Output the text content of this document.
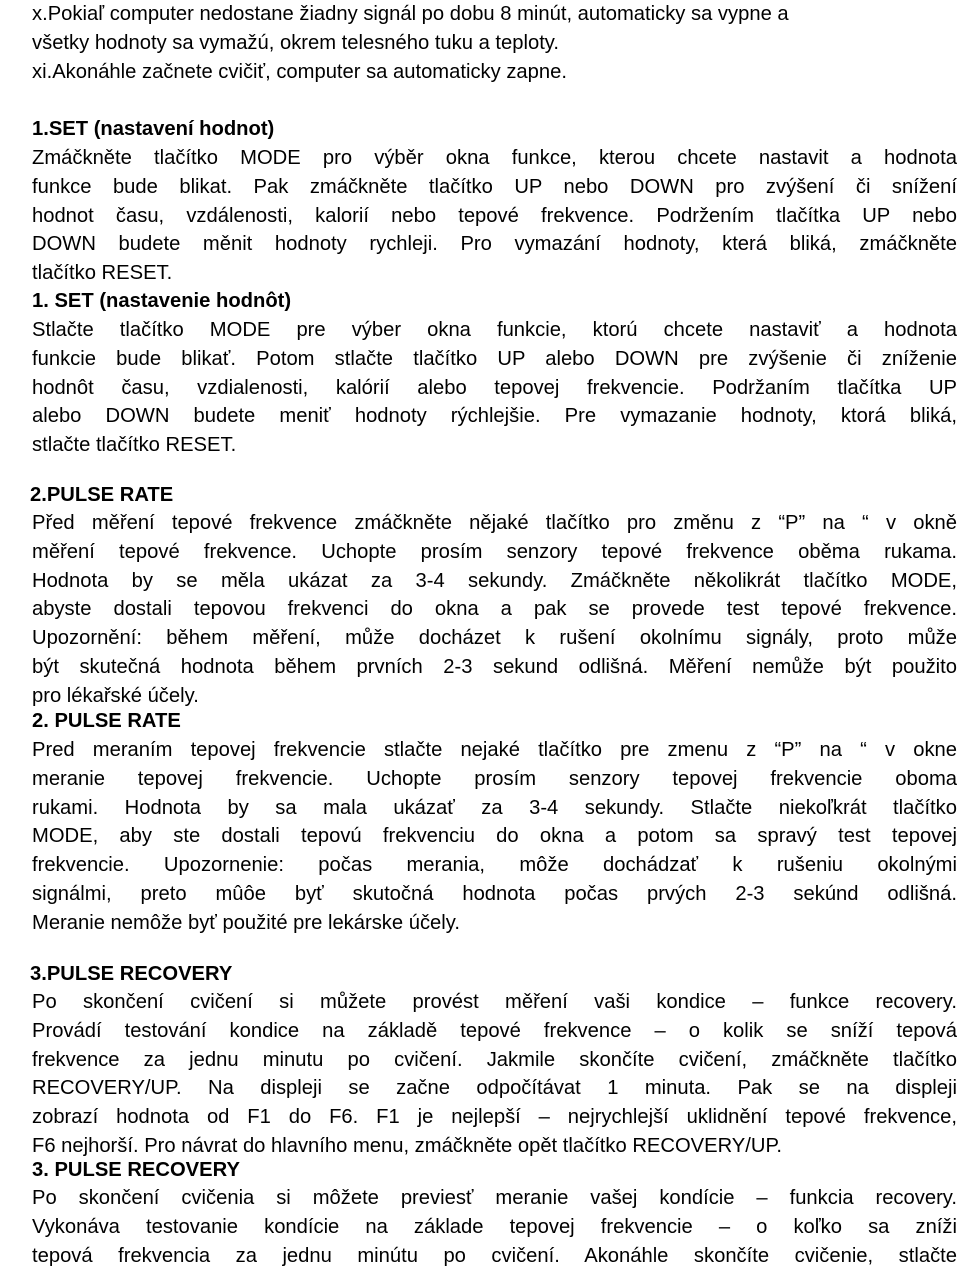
x.Pokiaľ computer nedostane žiadny signál po dobu 8 minút, automaticky sa vypne a
všetky hodnoty sa vymažú, okrem telesného tuku a teploty.
xi.Akonáhle začnete cvičiť, computer sa automaticky zapne.
1.SET (nastavení hodnot)
Zmáčkněte tlačítko MODE pro výběr okna funkce, kterou chcete nastavit a hodnota
funkce bude blikat. Pak zmáčkněte tlačítko UP nebo DOWN pro zvýšení či snížení
hodnot času, vzdálenosti, kalorií nebo tepové frekvence. Podržením tlačítka UP nebo
DOWN budete měnit hodnoty rychleji. Pro vymazání hodnoty, která bliká, zmáčkněte
tlačítko RESET.
1. SET (nastavenie hodnôt)
Stlačte tlačítko MODE pre výber okna funkcie, ktorú chcete nastaviť a hodnota
funkcie bude blikať. Potom stlačte tlačítko UP alebo DOWN pre zvýšenie či zníženie
hodnôt času, vzdialenosti, kalórií alebo tepovej frekvencie. Podržaním tlačítka UP
alebo DOWN budete meniť hodnoty rýchlejšie. Pre vymazanie hodnoty, ktorá bliká,
stlačte tlačítko RESET.
2.PULSE RATE
Před měření tepové frekvence zmáčkněte nějaké tlačítko pro změnu z “P” na “ v okně
měření tepové frekvence. Uchopte prosím senzory tepové frekvence oběma rukama.
Hodnota by se měla ukázat za 3-4 sekundy. Zmáčkněte několikrát tlačítko MODE,
abyste dostali tepovou frekvenci do okna a pak se provede test tepové frekvence.
Upozornění: během měření, může docházet k rušení okolnímu signály, proto může
být skutečná hodnota během prvních 2-3 sekund odlišná. Měření nemůže být použito
pro lékařské účely.
2. PULSE RATE
Pred meraním tepovej frekvencie stlačte nejaké tlačítko pre zmenu z “P” na “ v okne
meranie tepovej frekvencie. Uchopte prosím senzory tepovej frekvencie oboma
rukami. Hodnota by sa mala ukázať za 3-4 sekundy. Stlačte niekoľkrát tlačítko
MODE, aby ste dostali tepovú frekvenciu do okna a potom sa spravý test tepovej
frekvencie. Upozornenie: počas merania, môže dochádzať k rušeniu okolnými
signálmi, preto mûôe byť skutočná hodnota počas prvých 2-3 sekúnd odlišná.
Meranie nemôže byť použité pre lekárske účely.
3.PULSE RECOVERY
Po skončení cvičení si můžete provést měření vaši kondice – funkce recovery.
Provádí testování kondice na základě tepové frekvence – o kolik se sníží tepová
frekvence za jednu minutu po cvičení. Jakmile skončíte cvičení, zmáčkněte tlačítko
RECOVERY/UP. Na displeji se začne odpočítávat 1 minuta. Pak se na displeji
zobrazí hodnota od F1 do F6. F1 je nejlepší – nejrychlejší uklidnění tepové frekvence,
F6 nejhorší. Pro návrat do hlavního menu, zmáčkněte opět tlačítko RECOVERY/UP.
3. PULSE RECOVERY
Po skončení cvičenia si môžete previesť meranie vašej kondície – funkcia recovery.
Vykonáva testovanie kondície na základe tepovej frekvencie – o koľko sa zníži
tepová frekvencia za jednu minútu po cvičení. Akonáhle skončíte cvičenie, stlačte
